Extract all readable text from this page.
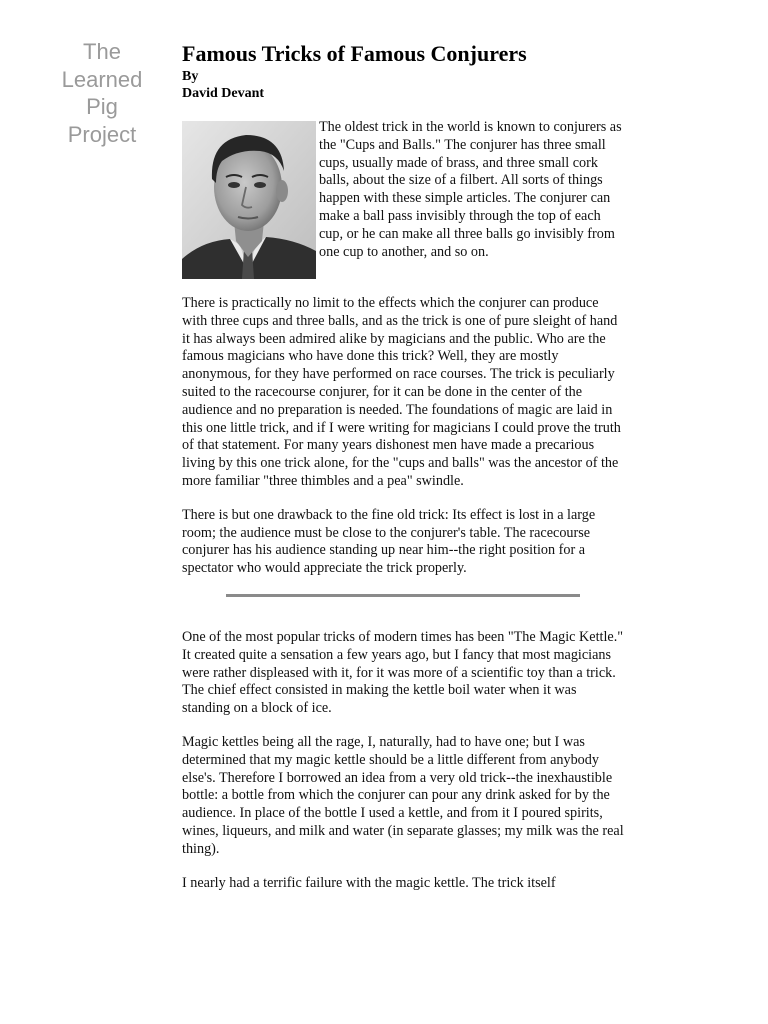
The
Learned
Pig
Project
Famous Tricks of Famous Conjurers
By
David Devant

The oldest trick in the world is known to conjurers as the "Cups and Balls." The conjurer has three small cups, usually made of brass, and three small cork balls, about the size of a filbert. All sorts of things happen with these simple articles. The conjurer can make a ball pass invisibly through the top of each cup, or he can make all three balls go invisibly from one cup to another, and so on.

There is practically no limit to the effects which the conjurer can produce with three cups and three balls, and as the trick is one of pure sleight of hand it has always been admired alike by magicians and the public. Who are the famous magicians who have done this trick? Well, they are mostly anonymous, for they have performed on race courses. The trick is peculiarly suited to the racecourse conjurer, for it can be done in the center of the audience and no preparation is needed. The foundations of magic are laid in this one little trick, and if I were writing for magicians I could prove the truth of that statement. For many years dishonest men have made a precarious living by this one trick alone, for the "cups and balls" was the ancestor of the more familiar "three thimbles and a pea" swindle.

There is but one drawback to the fine old trick: Its effect is lost in a large room; the audience must be close to the conjurer's table. The racecourse conjurer has his audience standing up near him--the right position for a spectator who would appreciate the trick properly.

One of the most popular tricks of modern times has been "The Magic Kettle." It created quite a sensation a few years ago, but I fancy that most magicians were rather displeased with it, for it was more of a scientific toy than a trick. The chief effect consisted in making the kettle boil water when it was standing on a block of ice.

Magic kettles being all the rage, I, naturally, had to have one; but I was determined that my magic kettle should be a little different from anybody else's. Therefore I borrowed an idea from a very old trick--the inexhaustible bottle: a bottle from which the conjurer can pour any drink asked for by the audience. In place of the bottle I used a kettle, and from it I poured spirits, wines, liqueurs, and milk and water (in separate glasses; my milk was the real thing).

I nearly had a terrific failure with the magic kettle. The trick itself
